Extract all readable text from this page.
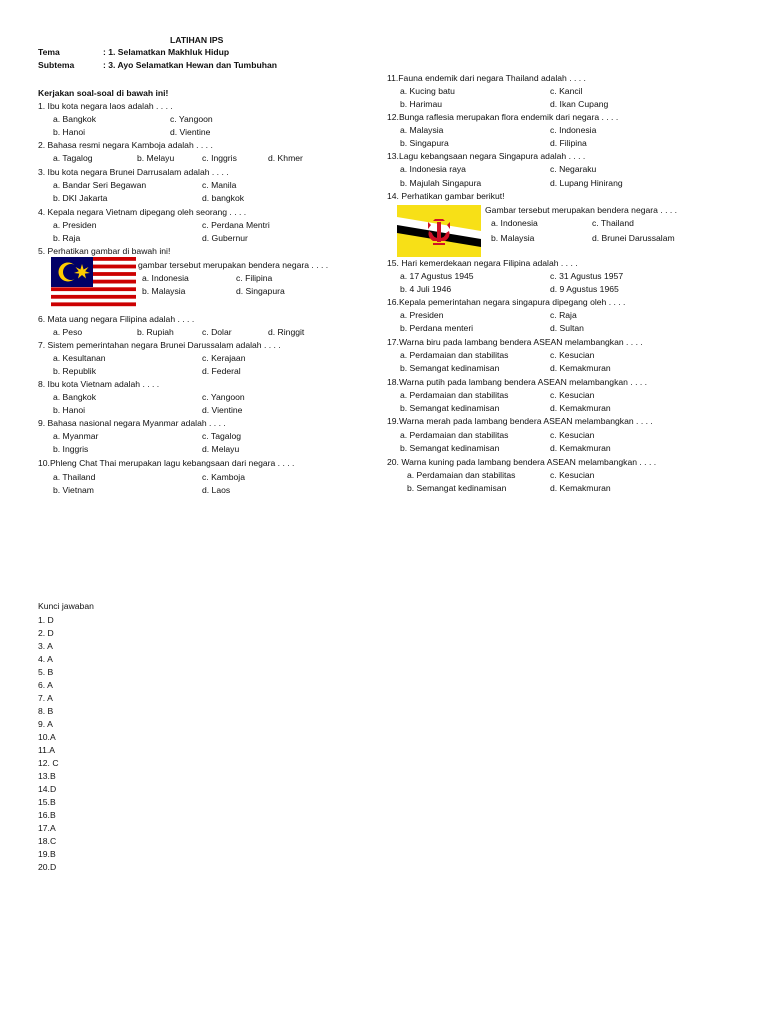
LATIHAN IPS
Tema	: 1. Selamatkan Makhluk Hidup
Subtema	: 3. Ayo Selamatkan Hewan dan Tumbuhan
Kerjakan soal-soal di bawah ini!
1. Ibu kota negara laos adalah . . . .
a. Bangkok	c. Yangoon
b. Hanoi	d. Vientine
2. Bahasa resmi negara Kamboja adalah . . . .
a. Tagalog	b. Melayu	c. Inggris	d. Khmer
3. Ibu kota negara Brunei Darrusalam adalah . . . .
a. Bandar Seri Begawan	c. Manila
b. DKI Jakarta	d. bangkok
4. Kepala negara Vietnam dipegang oleh seorang . . . .
a. Presiden	c. Perdana Mentri
b. Raja	d. Gubernur
5. Perhatikan gambar di bawah ini!
gambar tersebut merupakan bendera negara . . . .
a. Indonesia	c. Filipina
b. Malaysia	d. Singapura
6. Mata uang negara Filipina adalah . . . .
a. Peso	b. Rupiah	c. Dolar	d. Ringgit
7. Sistem pemerintahan negara Brunei Darussalam adalah . . . .
a. Kesultanan	c. Kerajaan
b. Republik	d. Federal
8. Ibu kota Vietnam adalah . . . .
a. Bangkok	c. Yangoon
b. Hanoi	d. Vientine
9. Bahasa nasional negara Myanmar adalah . . . .
a. Myanmar	c. Tagalog
b. Inggris	d. Melayu
10.Phleng Chat Thai merupakan lagu kebangsaan dari negara . . . .
a. Thailand	c. Kamboja
b. Vietnam	d. Laos
11.Fauna endemik dari negara Thailand adalah . . . .
a. Kucing batu	c. Kancil
b. Harimau	d. Ikan Cupang
12.Bunga raflesia merupakan flora endemik dari negara . . . .
a. Malaysia	c. Indonesia
b. Singapura	d. Filipina
13.Lagu kebangsaan negara Singapura adalah . . . .
a. Indonesia raya	c. Negaraku
b. Majulah Singapura	d. Lupang Hinirang
14. Perhatikan gambar berikut!
Gambar tersebut merupakan bendera negara . . . .
a. Indonesia	c. Thailand
b. Malaysia	d. Brunei Darussalam
15. Hari kemerdekaan negara Filipina adalah . . . .
a. 17 Agustus 1945	c. 31 Agustus 1957
b. 4 Juli 1946	d. 9 Agustus 1965
16.Kepala pemerintahan negara singapura dipegang oleh . . . .
a. Presiden	c. Raja
b. Perdana menteri	d. Sultan
17.Warna biru pada lambang bendera ASEAN melambangkan . . . .
a. Perdamaian dan stabilitas	c. Kesucian
b. Semangat kedinamisan	d. Kemakmuran
18.Warna putih pada lambang bendera ASEAN melambangkan . . . .
a. Perdamaian dan stabilitas	c. Kesucian
b. Semangat kedinamisan	d. Kemakmuran
19.Warna merah pada lambang bendera ASEAN melambangkan . . . .
a. Perdamaian dan stabilitas	c. Kesucian
b. Semangat kedinamisan	d. Kemakmuran
20. Warna kuning pada lambang bendera ASEAN melambangkan . . . .
a. Perdamaian dan stabilitas	c. Kesucian
b. Semangat kedinamisan	d. Kemakmuran
Kunci jawaban
1. D
2. D
3. A
4. A
5. B
6. A
7. A
8. B
9. A
10.A
11.A
12. C
13.B
14.D
15.B
16.B
17.A
18.C
19.B
20.D
